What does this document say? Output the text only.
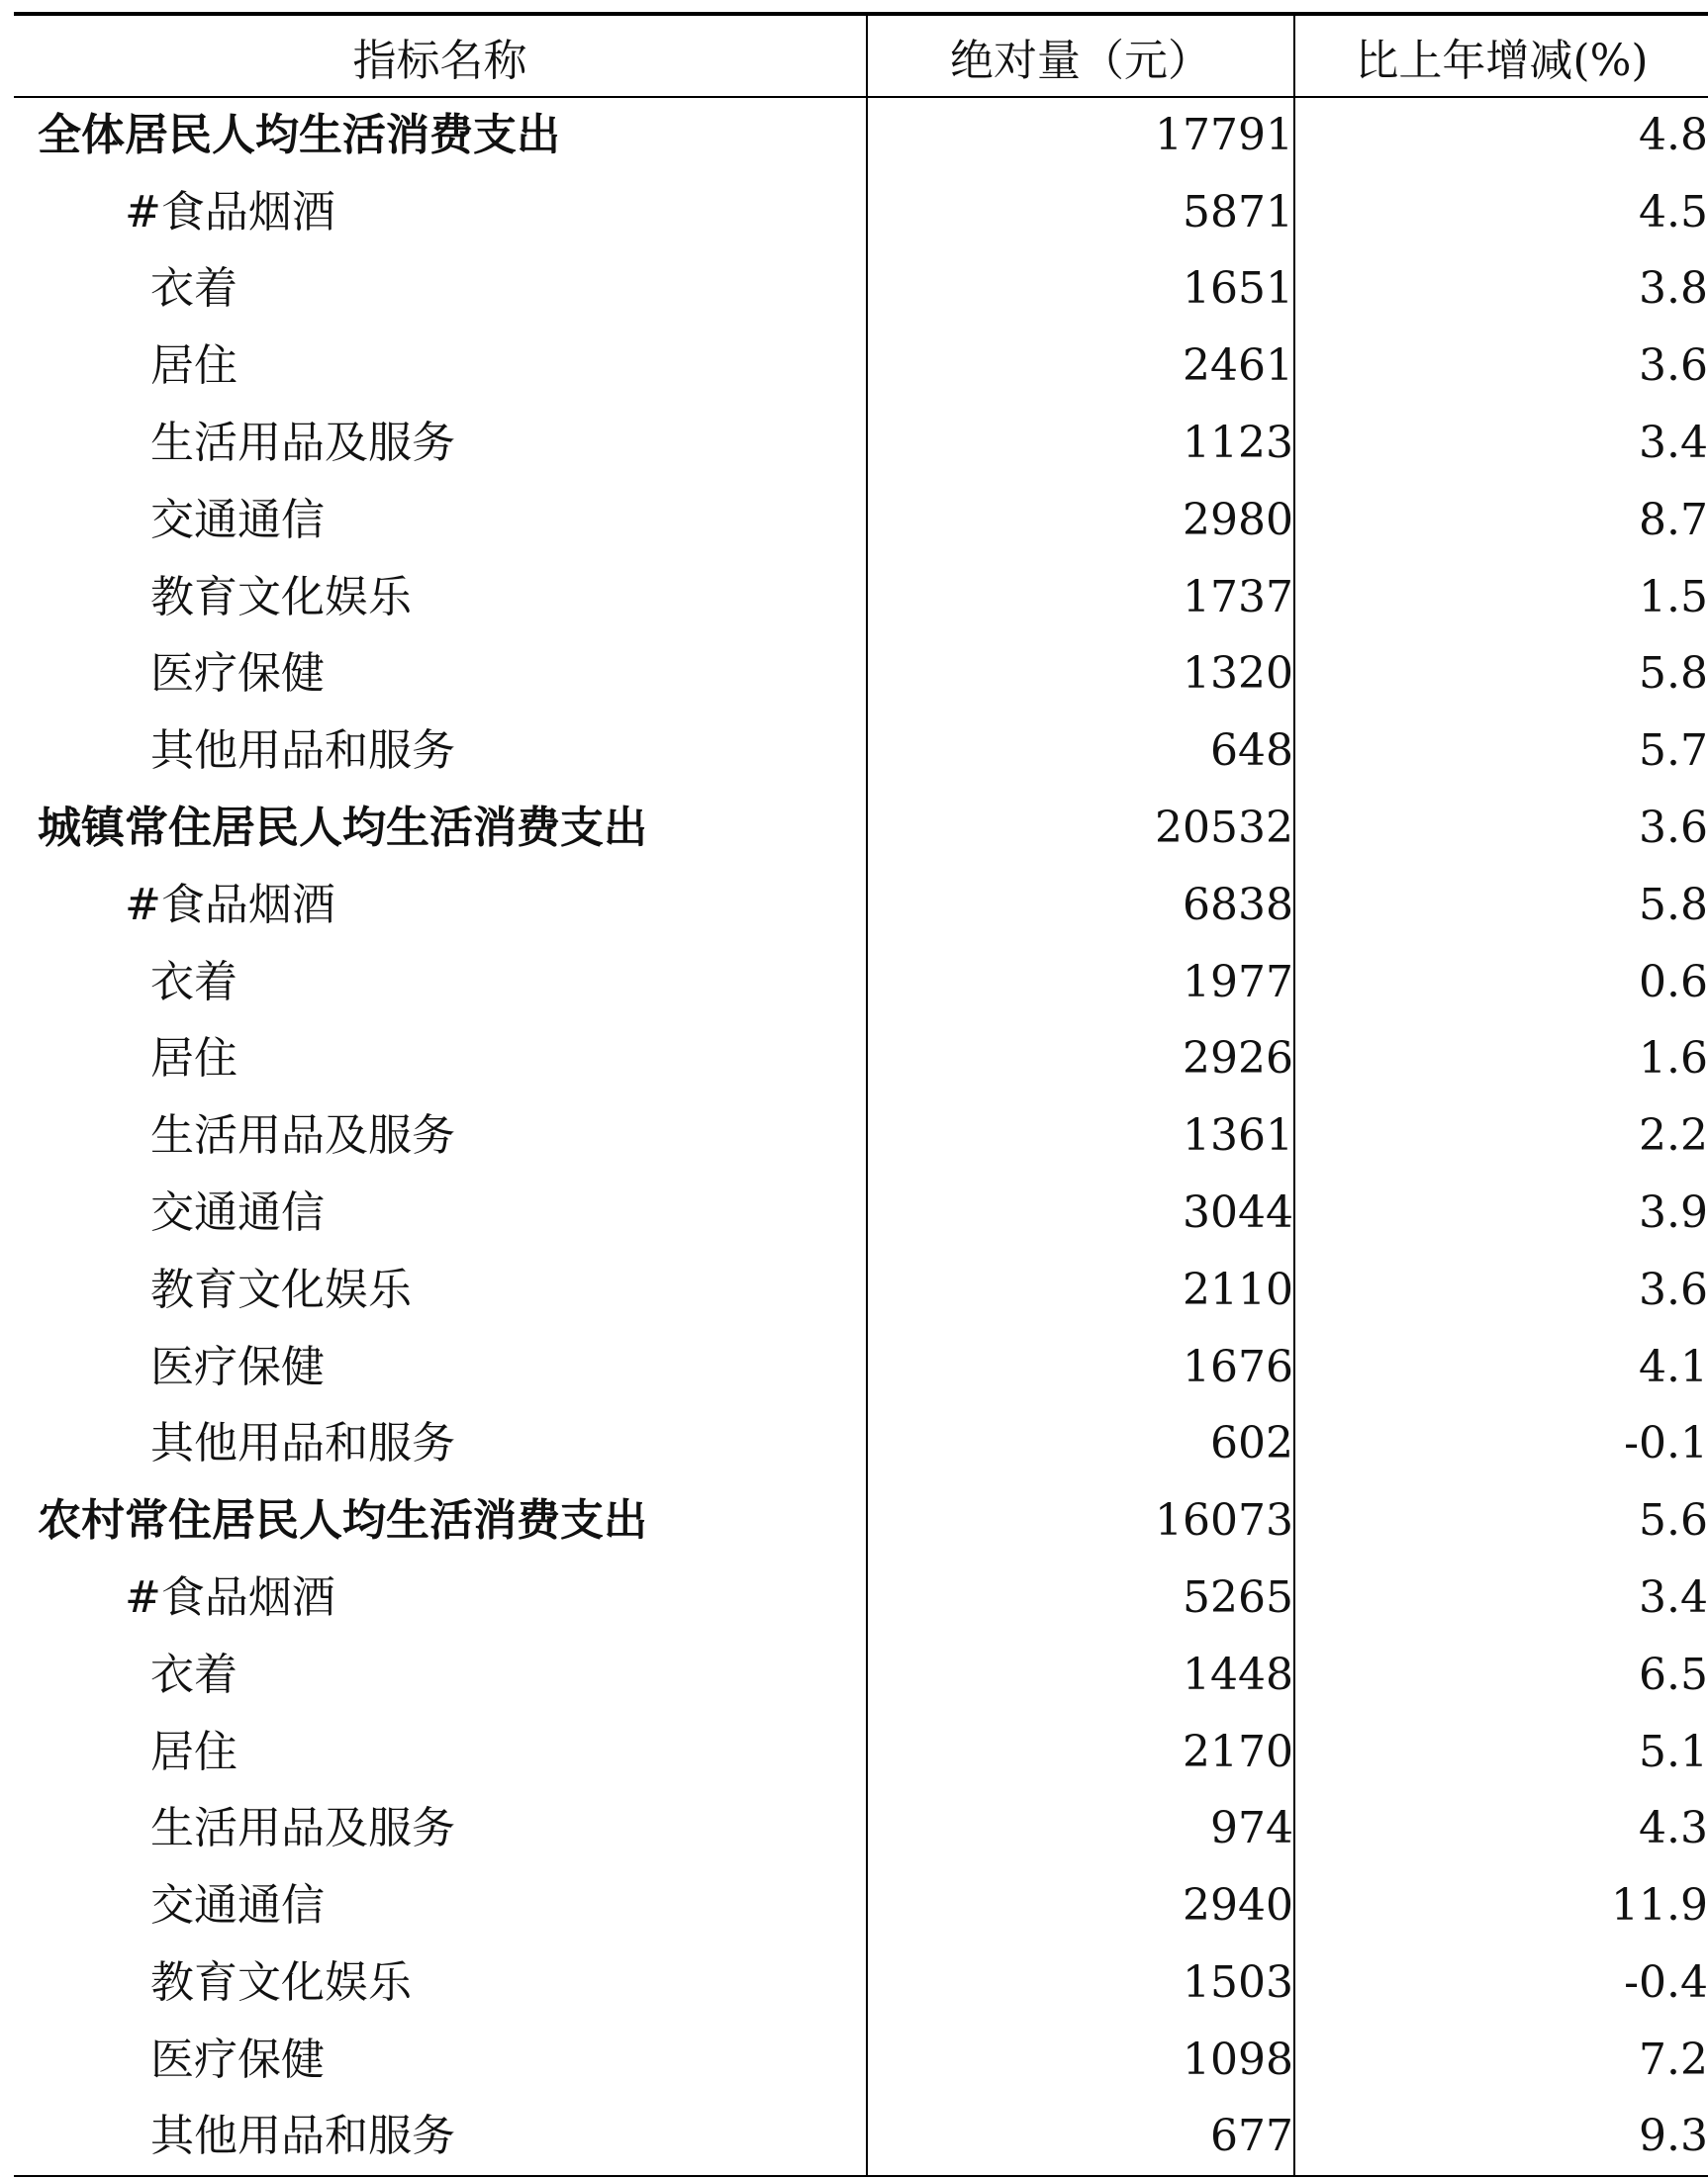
指标名称	绝对量（元）	比上年增减(%)
全体居民人均生活消费支出	17791	4.8
#食品烟酒	5871	4.5
衣着	1651	3.8
居住	2461	3.6
生活用品及服务	1123	3.4
交通通信	2980	8.7
教育文化娱乐	1737	1.5
医疗保健	1320	5.8
其他用品和服务	648	5.7
城镇常住居民人均生活消费支出	20532	3.6
#食品烟酒	6838	5.8
衣着	1977	0.6
居住	2926	1.6
生活用品及服务	1361	2.2
交通通信	3044	3.9
教育文化娱乐	2110	3.6
医疗保健	1676	4.1
其他用品和服务	602	-0.1
农村常住居民人均生活消费支出	16073	5.6
#食品烟酒	5265	3.4
衣着	1448	6.5
居住	2170	5.1
生活用品及服务	974	4.3
交通通信	2940	11.9
教育文化娱乐	1503	-0.4
医疗保健	1098	7.2
其他用品和服务	677	9.3
